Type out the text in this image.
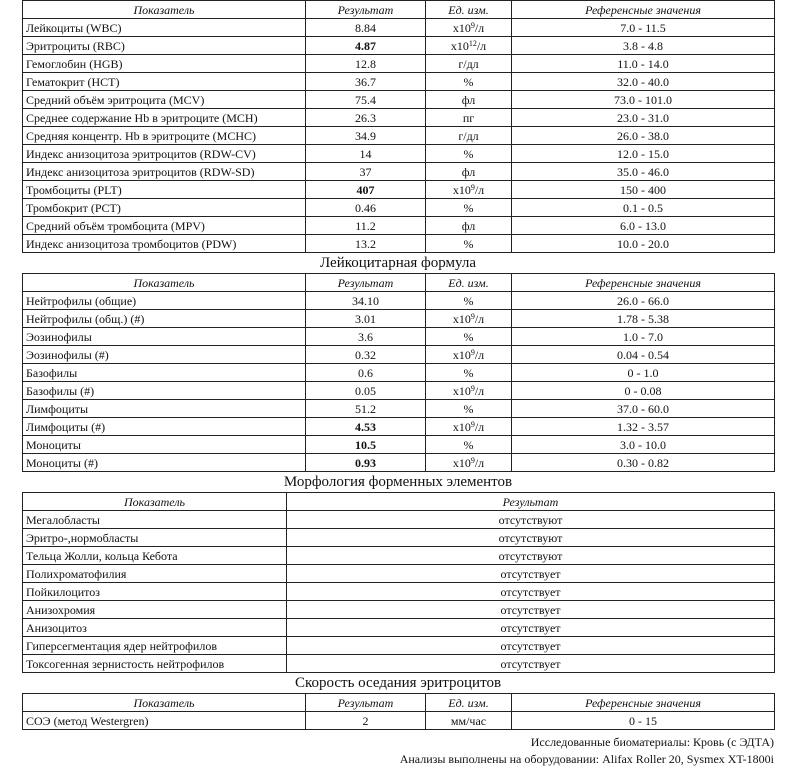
Показатель	Результат	Ед. изм.	Референсные значения
Лейкоциты (WBC)	8.84	$x10^9/л$	7.0 - 11.5
Эритроциты (RBC)	4.87	$x10^{12}/л$	3.8 - 4.8
Гемоглобин (HGB)	12.8	г/дл	11.0 - 14.0
Гематокрит (HCT)	36.7	%	32.0 - 40.0
Средний объём эритроцита (MCV)	75.4	фл	73.0 - 101.0
Среднее содержание Hb в эритроците (MCH)	26.3	пг	23.0 - 31.0
Средняя концентр. Hb в эритроците (MCHC)	34.9	г/дл	26.0 - 38.0
Индекс анизоцитоза эритроцитов (RDW-CV)	14	%	12.0 - 15.0
Индекс анизоцитоза эритроцитов (RDW-SD)	37	фл	35.0 - 46.0
Тромбоциты (PLT)	407	$x10^9/л$	150 - 400
Тромбокрит (PCT)	0.46	%	0.1 - 0.5
Средний объём тромбоцита (MPV)	11.2	фл	6.0 - 13.0
Индекс анизоцитоза тромбоцитов (PDW)	13.2	%	10.0 - 20.0
Лейкоцитарная формула
Показатель	Результат	Ед. изм.	Референсные значения
Нейтрофилы (общие)	34.10	%	26.0 - 66.0
Нейтрофилы (общ.) (#)	3.01	$x10^9/л$	1.78 - 5.38
Эозинофилы	3.6	%	1.0 - 7.0
Эозинофилы (#)	0.32	$x10^9/л$	0.04 - 0.54
Базофилы	0.6	%	0 - 1.0
Базофилы (#)	0.05	$x10^9/л$	0 - 0.08
Лимфоциты	51.2	%	37.0 - 60.0
Лимфоциты (#)	4.53	$x10^9/л$	1.32 - 3.57
Моноциты	10.5	%	3.0 - 10.0
Моноциты (#)	0.93	$x10^9/л$	0.30 - 0.82
Морфология форменных элементов
Показатель	Результат
Мегалобласты	отсутствуют
Эритро-,нормобласты	отсутствуют
Тельца Жолли, кольца Кебота	отсутствуют
Полихроматофилия	отсутствует
Пойкилоцитоз	отсутствует
Анизохромия	отсутствует
Анизоцитоз	отсутствует
Гиперсегментация ядер нейтрофилов	отсутствует
Токсогенная зернистость нейтрофилов	отсутствует
Скорость оседания эритроцитов
Показатель	Результат	Ед. изм.	Референсные значения
СОЭ (метод Westergren)	2	мм/час	0 - 15
Исследованные биоматериалы: Кровь (с ЭДТА)
Анализы выполнены на оборудовании: Alifax Roller 20, Sysmex XT-1800i
